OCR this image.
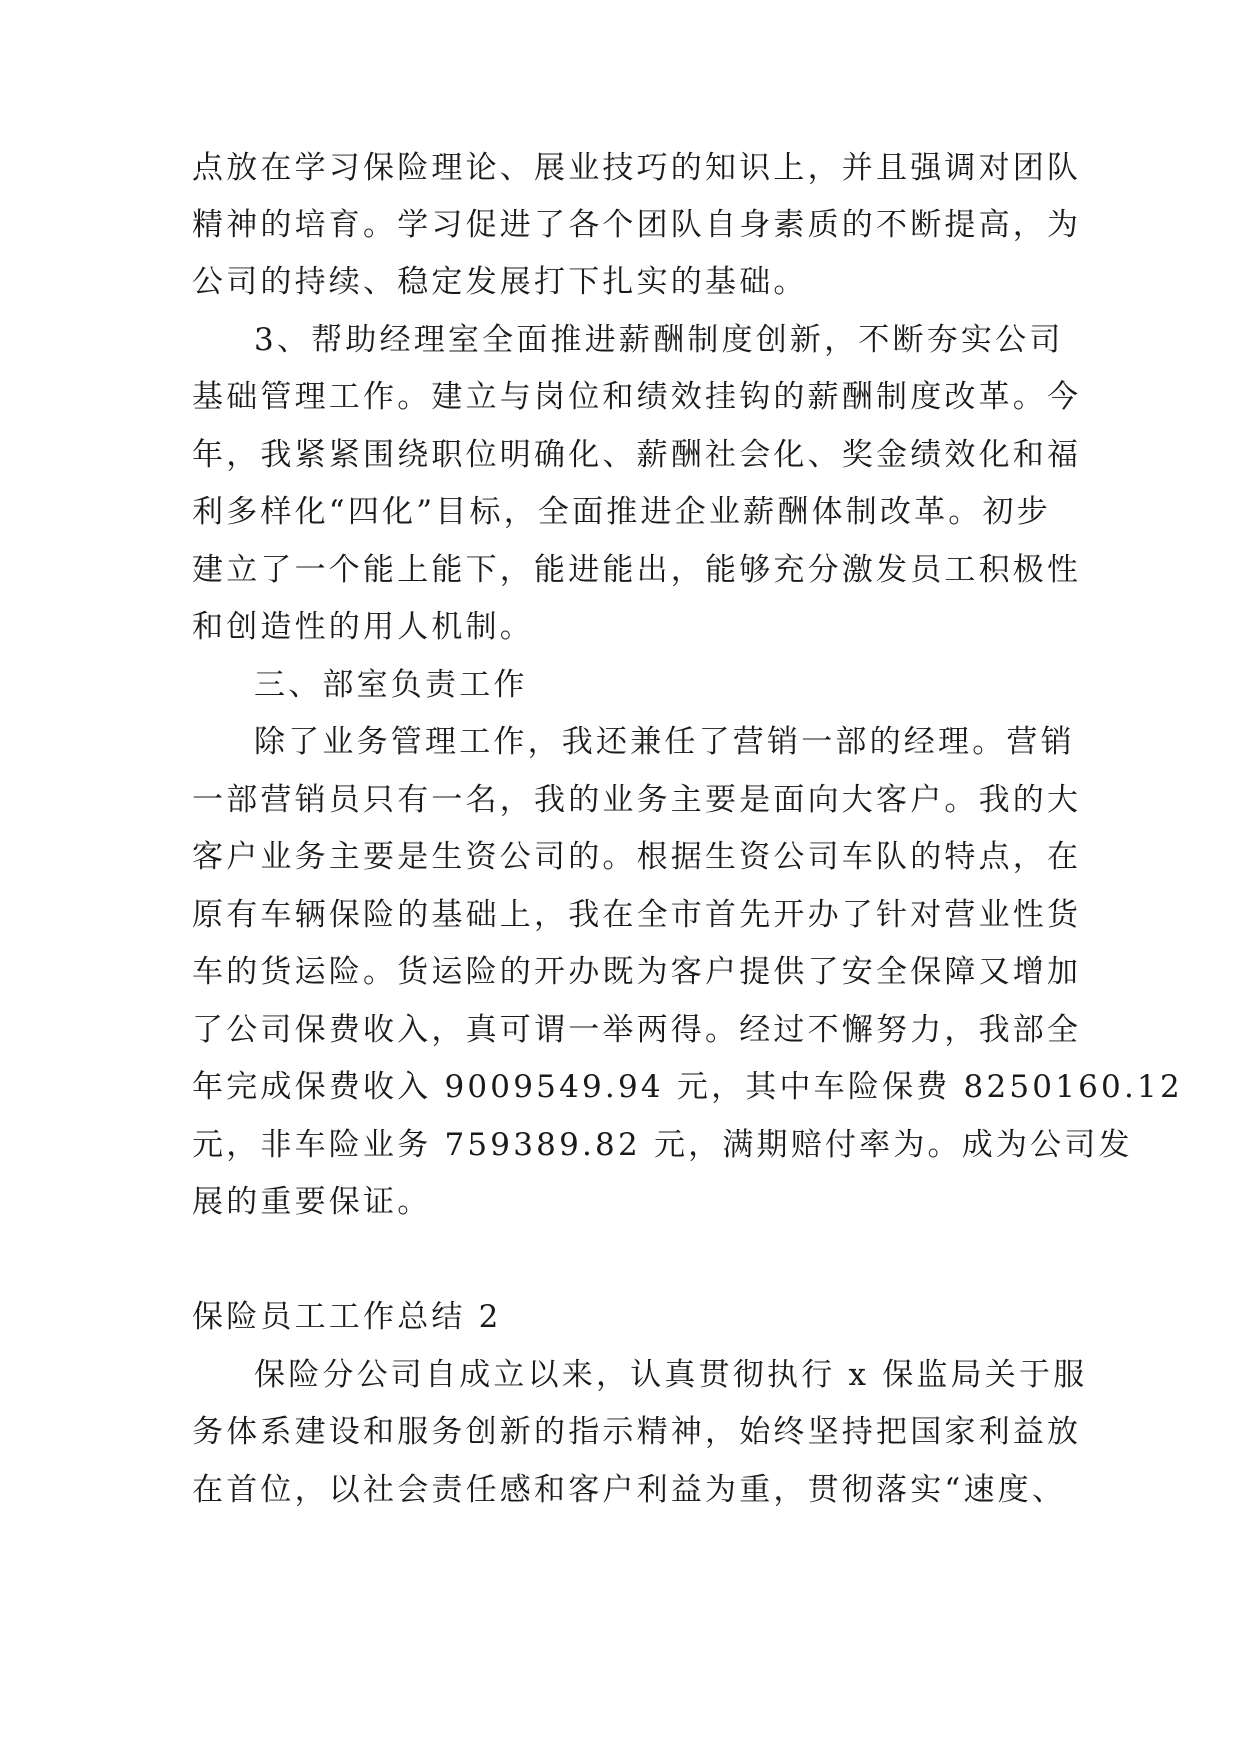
点放在学习保险理论、展业技巧的知识上，并且强调对团队
精神的培育。学习促进了各个团队自身素质的不断提高，为
公司的持续、稳定发展打下扎实的基础。
3、帮助经理室全面推进薪酬制度创新，不断夯实公司
基础管理工作。建立与岗位和绩效挂钩的薪酬制度改革。今
年，我紧紧围绕职位明确化、薪酬社会化、奖金绩效化和福
利多样化“四化”目标，全面推进企业薪酬体制改革。初步
建立了一个能上能下，能进能出，能够充分激发员工积极性
和创造性的用人机制。
三、部室负责工作
除了业务管理工作，我还兼任了营销一部的经理。营销
一部营销员只有一名，我的业务主要是面向大客户。我的大
客户业务主要是生资公司的。根据生资公司车队的特点，在
原有车辆保险的基础上，我在全市首先开办了针对营业性货
车的货运险。货运险的开办既为客户提供了安全保障又增加
了公司保费收入，真可谓一举两得。经过不懈努力，我部全
年完成保费收入 9009549.94 元，其中车险保费 8250160.12
元，非车险业务 759389.82 元，满期赔付率为。成为公司发
展的重要保证。
保险员工工作总结 2
保险分公司自成立以来，认真贯彻执行 x 保监局关于服
务体系建设和服务创新的指示精神，始终坚持把国家利益放
在首位，以社会责任感和客户利益为重，贯彻落实“速度、
